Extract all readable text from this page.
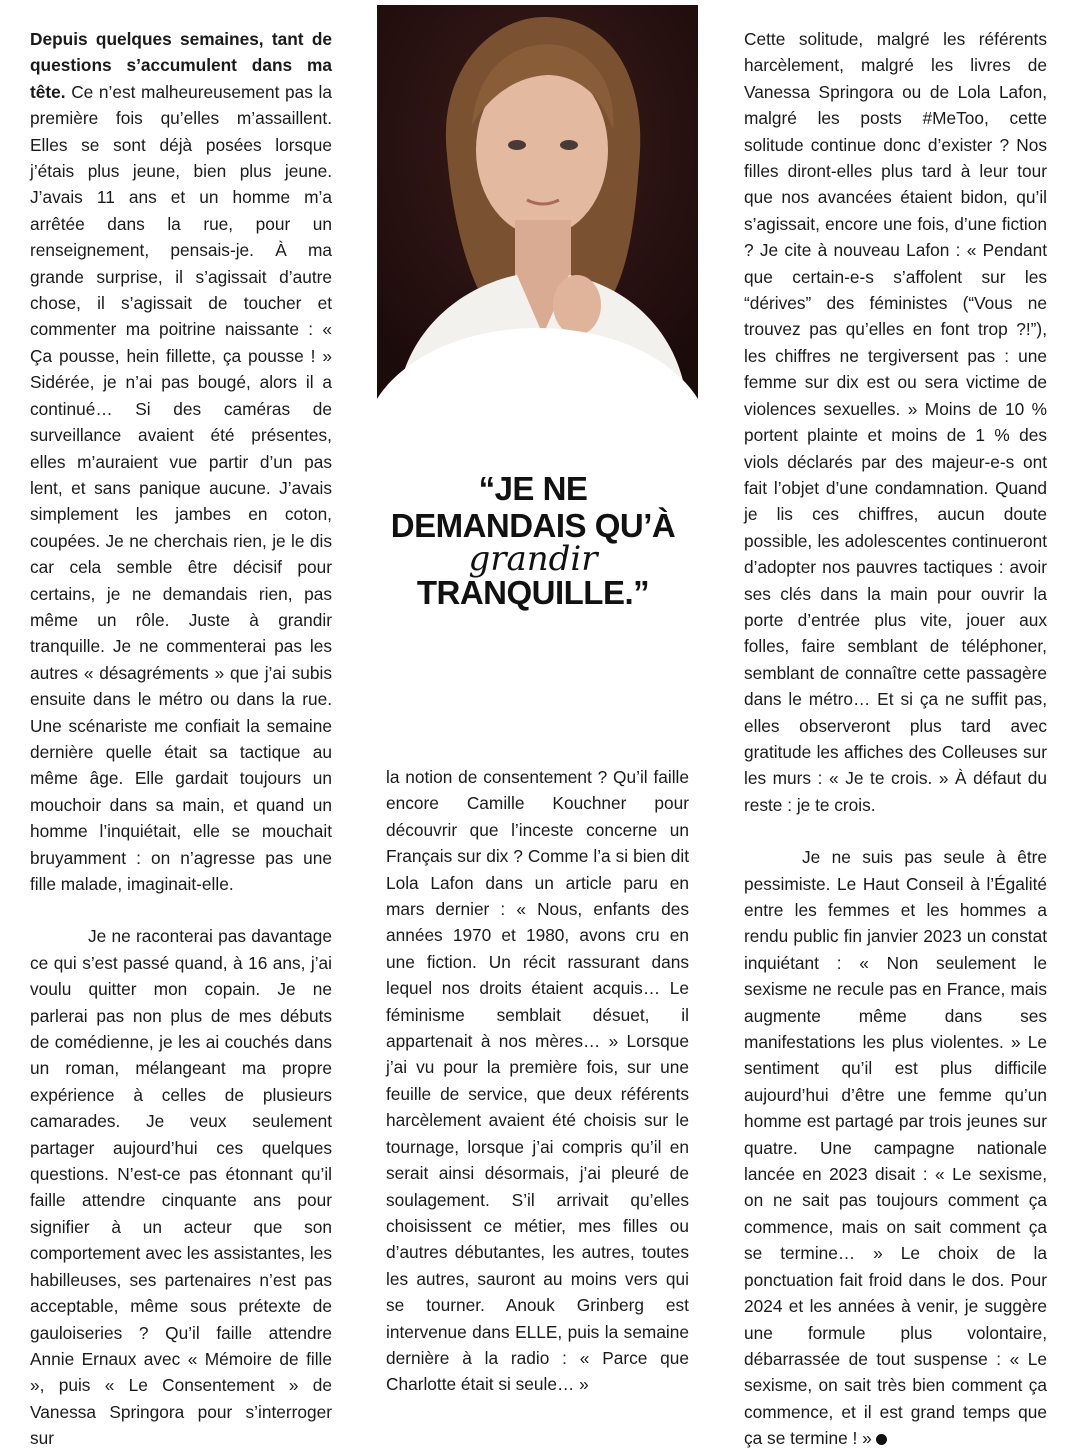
Depuis quelques semaines, tant de questions s’accumulent dans ma tête. Ce n’est malheureusement pas la première fois qu’elles m’assaillent. Elles se sont déjà posées lorsque j’étais plus jeune, bien plus jeune. J’avais 11 ans et un homme m’a arrêtée dans la rue, pour un renseignement, pensais-je. À ma grande surprise, il s’agissait d’autre chose, il s’agissait de toucher et commenter ma poitrine naissante : « Ça pousse, hein fillette, ça pousse ! » Sidérée, je n’ai pas bougé, alors il a continué… Si des caméras de surveillance avaient été présentes, elles m’auraient vue partir d’un pas lent, et sans panique aucune. J’avais simplement les jambes en coton, coupées. Je ne cherchais rien, je le dis car cela semble être décisif pour certains, je ne demandais rien, pas même un rôle. Juste à grandir tranquille. Je ne commenterai pas les autres « désagréments » que j’ai subis ensuite dans le métro ou dans la rue. Une scénariste me confiait la semaine dernière quelle était sa tactique au même âge. Elle gardait toujours un mouchoir dans sa main, et quand un homme l’inquiétait, elle se mouchait bruyamment : on n’agresse pas une fille malade, imaginait-elle.

Je ne raconterai pas davantage ce qui s’est passé quand, à 16 ans, j’ai voulu quitter mon copain. Je ne parlerai pas non plus de mes débuts de comédienne, je les ai couchés dans un roman, mélangeant ma propre expérience à celles de plusieurs camarades. Je veux seulement partager aujourd’hui ces quelques questions. N’est-ce pas étonnant qu’il faille attendre cinquante ans pour signifier à un acteur que son comportement avec les assistantes, les habilleuses, ses partenaires n’est pas acceptable, même sous prétexte de gauloiseries ? Qu’il faille attendre Annie Ernaux avec « Mémoire de fille », puis « Le Consentement » de Vanessa Springora pour s’interroger sur

“JE NE
DEMANDAIS QU’À
grandir
TRANQUILLE.”

la notion de consentement ? Qu’il faille encore Camille Kouchner pour découvrir que l’inceste concerne un Français sur dix ? Comme l’a si bien dit Lola Lafon dans un article paru en mars dernier : « Nous, enfants des années 1970 et 1980, avons cru en une fiction. Un récit rassurant dans lequel nos droits étaient acquis… Le féminisme semblait désuet, il appartenait à nos mères… » Lorsque j’ai vu pour la première fois, sur une feuille de service, que deux référents harcèlement avaient été choisis sur le tournage, lorsque j’ai compris qu’il en serait ainsi désormais, j’ai pleuré de soulagement. S’il arrivait qu’elles choisissent ce métier, mes filles ou d’autres débutantes, les autres, toutes les autres, sauront au moins vers qui se tourner. Anouk Grinberg est intervenue dans ELLE, puis la semaine dernière à la radio : « Parce que Charlotte était si seule… »

Cette solitude, malgré les référents harcèlement, malgré les livres de Vanessa Springora ou de Lola Lafon, malgré les posts #MeToo, cette solitude continue donc d’exister ? Nos filles diront-elles plus tard à leur tour que nos avancées étaient bidon, qu’il s’agissait, encore une fois, d’une fiction ? Je cite à nouveau Lafon : « Pendant que certain-e-s s’affolent sur les “dérives” des féministes (“Vous ne trouvez pas qu’elles en font trop ?!”), les chiffres ne tergiversent pas : une femme sur dix est ou sera victime de violences sexuelles. » Moins de 10 % portent plainte et moins de 1 % des viols déclarés par des majeur-e-s ont fait l’objet d’une condamnation. Quand je lis ces chiffres, aucun doute possible, les adolescentes continueront d’adopter nos pauvres tactiques : avoir ses clés dans la main pour ouvrir la porte d’entrée plus vite, jouer aux folles, faire semblant de téléphoner, semblant de connaître cette passagère dans le métro… Et si ça ne suffit pas, elles observeront plus tard avec gratitude les affiches des Colleuses sur les murs : « Je te crois. » À défaut du reste : je te crois.

Je ne suis pas seule à être pessimiste. Le Haut Conseil à l’Égalité entre les femmes et les hommes a rendu public fin janvier 2023 un constat inquiétant : « Non seulement le sexisme ne recule pas en France, mais augmente même dans ses manifestations les plus violentes. » Le sentiment qu’il est plus difficile aujourd’hui d’être une femme qu’un homme est partagé par trois jeunes sur quatre. Une campagne nationale lancée en 2023 disait : « Le sexisme, on ne sait pas toujours comment ça commence, mais on sait comment ça se termine… » Le choix de la ponctuation fait froid dans le dos. Pour 2024 et les années à venir, je suggère une formule plus volontaire, débarrassée de tout suspense : « Le sexisme, on sait très bien comment ça commence, et il est grand temps que ça se termine ! »
